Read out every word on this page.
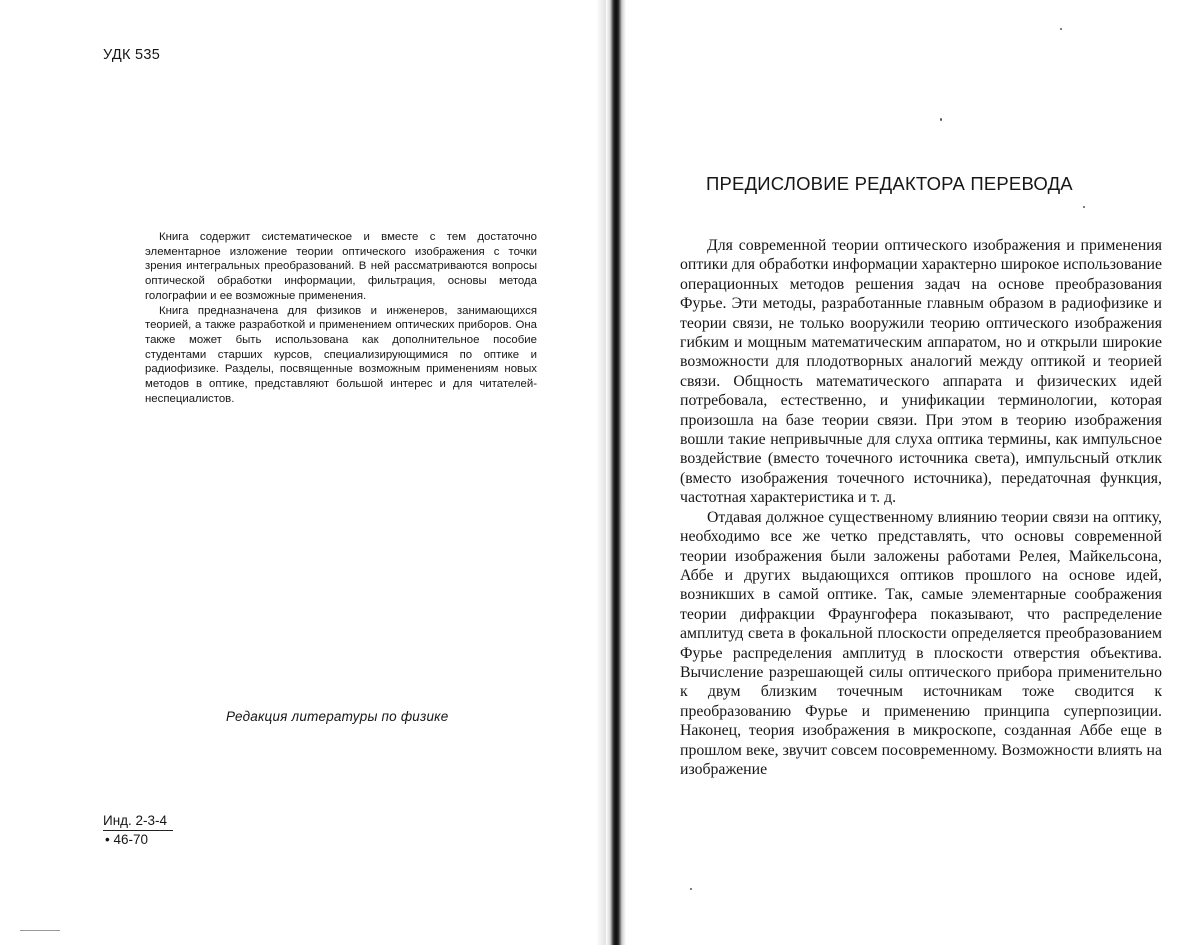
УДК 535

Книга содержит систематическое и вместе с тем достаточно элементарное изложение теории оптического изображения с точки зрения интегральных преобразований. В ней рассматриваются вопросы оптической обработки информации, фильтрация, основы метода голографии и ее возможные применения.

Книга предназначена для физиков и инженеров, занимающихся теорией, а также разработкой и применением оптических приборов. Она также может быть использована как дополнительное пособие студентами старших курсов, специализирующимися по оптике и радиофизике. Разделы, посвященные возможным применениям новых методов в оптике, представляют большой интерес и для читателей-неспециалистов.

Редакция литературы по физике
Инд. 2-3-4
• 46-70
ПРЕДИСЛОВИЕ РЕДАКТОРА ПЕРЕВОДА

Для современной теории оптического изображения и применения оптики для обработки информации характерно широкое использование операционных методов решения задач на основе преобразования Фурье. Эти методы, разработанные главным образом в радиофизике и теории связи, не только вооружили теорию оптического изображения гибким и мощным математическим аппаратом, но и открыли широкие возможности для плодотворных аналогий между оптикой и теорией связи. Общность математического аппарата и физических идей потребовала, естественно, и унификации терминологии, которая произошла на базе теории связи. При этом в теорию изображения вошли такие непривычные для слуха оптика термины, как импульсное воздействие (вместо точечного источника света), импульсный отклик (вместо изображения точечного источника), передаточная функция, частотная характеристика и т. д.

Отдавая должное существенному влиянию теории связи на оптику, необходимо все же четко представлять, что основы современной теории изображения были заложены работами Релея, Майкельсона, Аббе и других выдающихся оптиков прошлого на основе идей, возникших в самой оптике. Так, самые элементарные соображения теории дифракции Фраунгофера показывают, что распределение амплитуд света в фокальной плоскости определяется преобразованием Фурье распределения амплитуд в плоскости отверстия объектива. Вычисление разрешающей силы оптического прибора применительно к двум близким точечным источникам тоже сводится к преобразованию Фурье и применению принципа суперпозиции. Наконец, теория изображения в микроскопе, созданная Аббе еще в прошлом веке, звучит совсем посовременному. Возможности влиять на изображение
